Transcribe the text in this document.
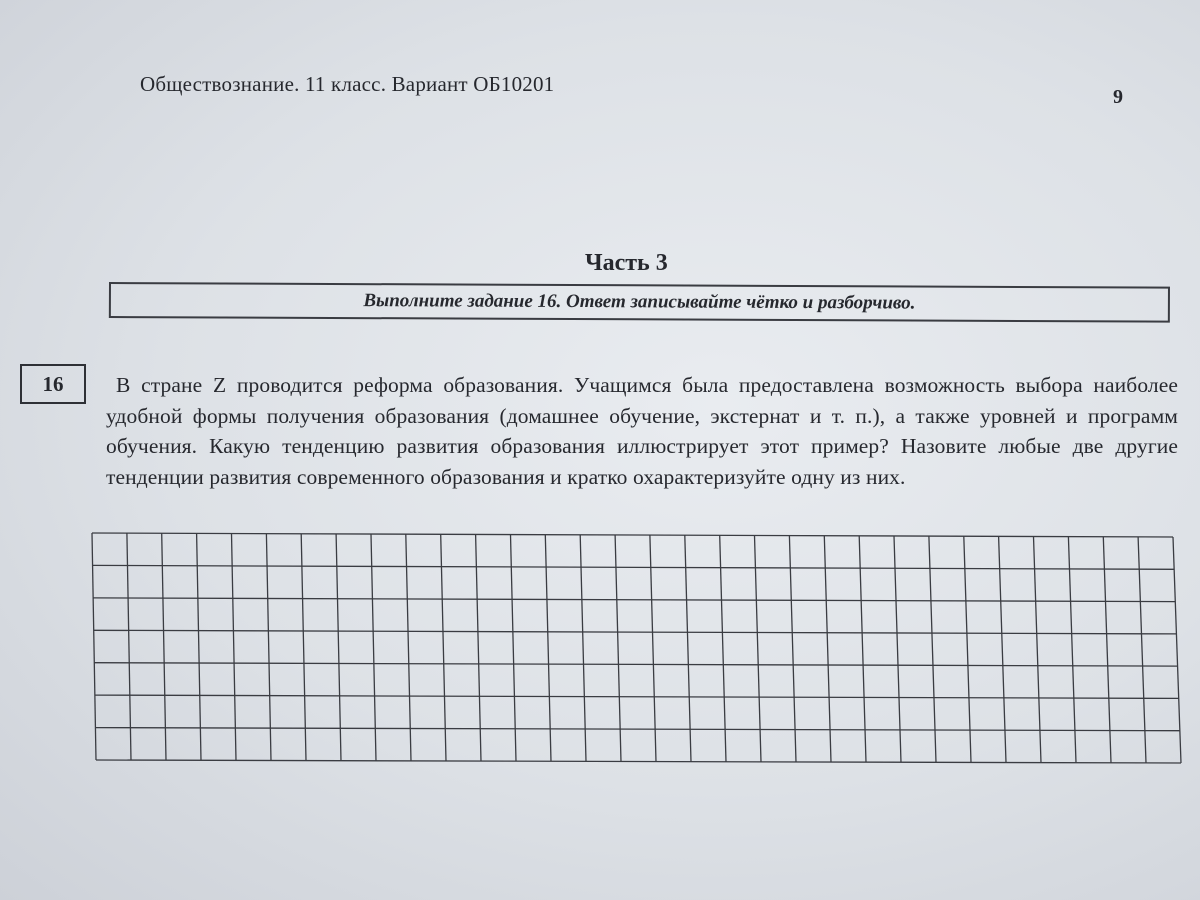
Обществознание. 11 класс. Вариант ОБ10201
9
Часть 3
Выполните задание 16. Ответ записывайте чётко и разборчиво.
16	В стране Z проводится реформа образования. Учащимся была предоставлена возможность выбора наиболее удобной формы получения образования (домашнее обучение, экстернат и т. п.), а также уровней и программ обучения. Какую тенденцию развития образования иллюстрирует этот пример? Назовите любые две другие тенденции развития современного образования и кратко охарактеризуйте одну из них.
